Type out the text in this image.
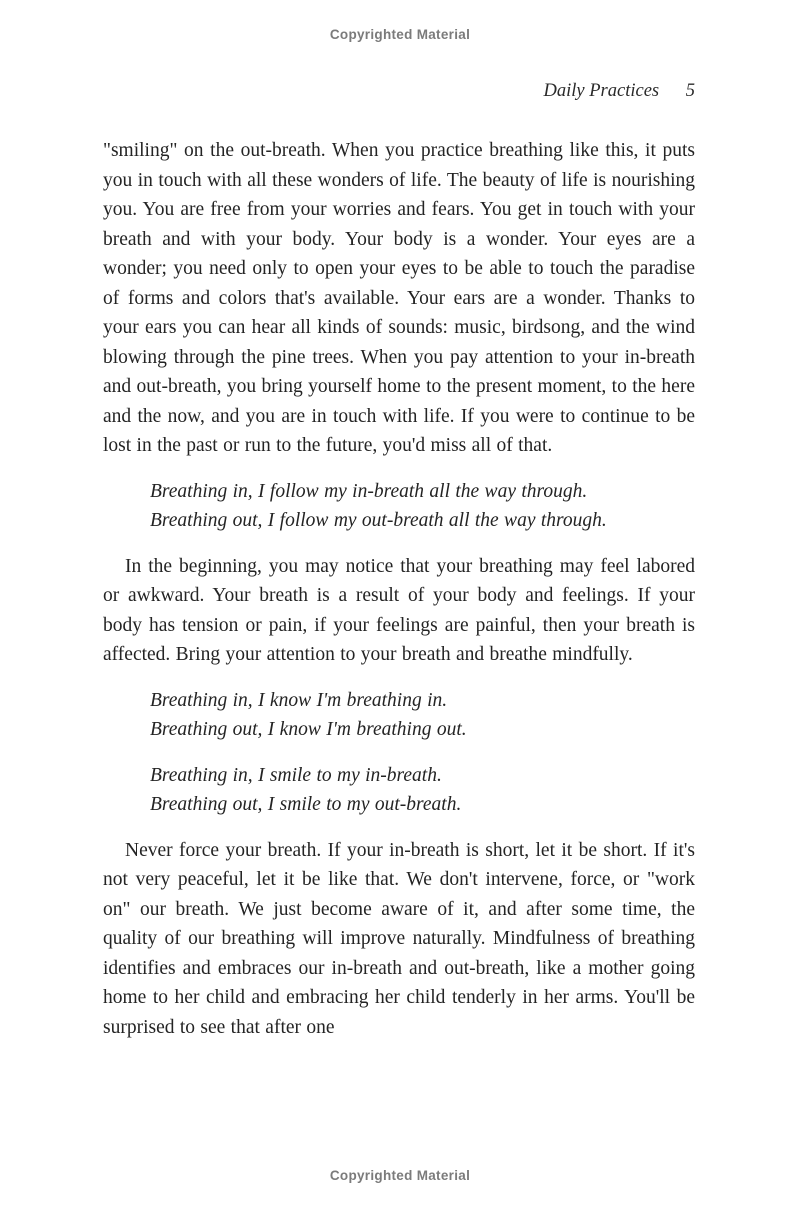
Copyrighted Material
Daily Practices 5

"smiling" on the out-breath. When you practice breathing like this, it puts you in touch with all these wonders of life. The beauty of life is nourishing you. You are free from your worries and fears. You get in touch with your breath and with your body. Your body is a wonder. Your eyes are a wonder; you need only to open your eyes to be able to touch the paradise of forms and colors that's available. Your ears are a wonder. Thanks to your ears you can hear all kinds of sounds: music, birdsong, and the wind blowing through the pine trees. When you pay attention to your in-breath and out-breath, you bring yourself home to the present moment, to the here and the now, and you are in touch with life. If you were to continue to be lost in the past or run to the future, you'd miss all of that.

Breathing in, I follow my in-breath all the way through.
Breathing out, I follow my out-breath all the way through.

In the beginning, you may notice that your breathing may feel labored or awkward. Your breath is a result of your body and feelings. If your body has tension or pain, if your feelings are painful, then your breath is affected. Bring your attention to your breath and breathe mindfully.

Breathing in, I know I'm breathing in.
Breathing out, I know I'm breathing out.
Breathing in, I smile to my in-breath.
Breathing out, I smile to my out-breath.

Never force your breath. If your in-breath is short, let it be short. If it's not very peaceful, let it be like that. We don't intervene, force, or "work on" our breath. We just become aware of it, and after some time, the quality of our breathing will improve naturally. Mindfulness of breathing identifies and embraces our in-breath and out-breath, like a mother going home to her child and embracing her child tenderly in her arms. You'll be surprised to see that after one

Copyrighted Material
